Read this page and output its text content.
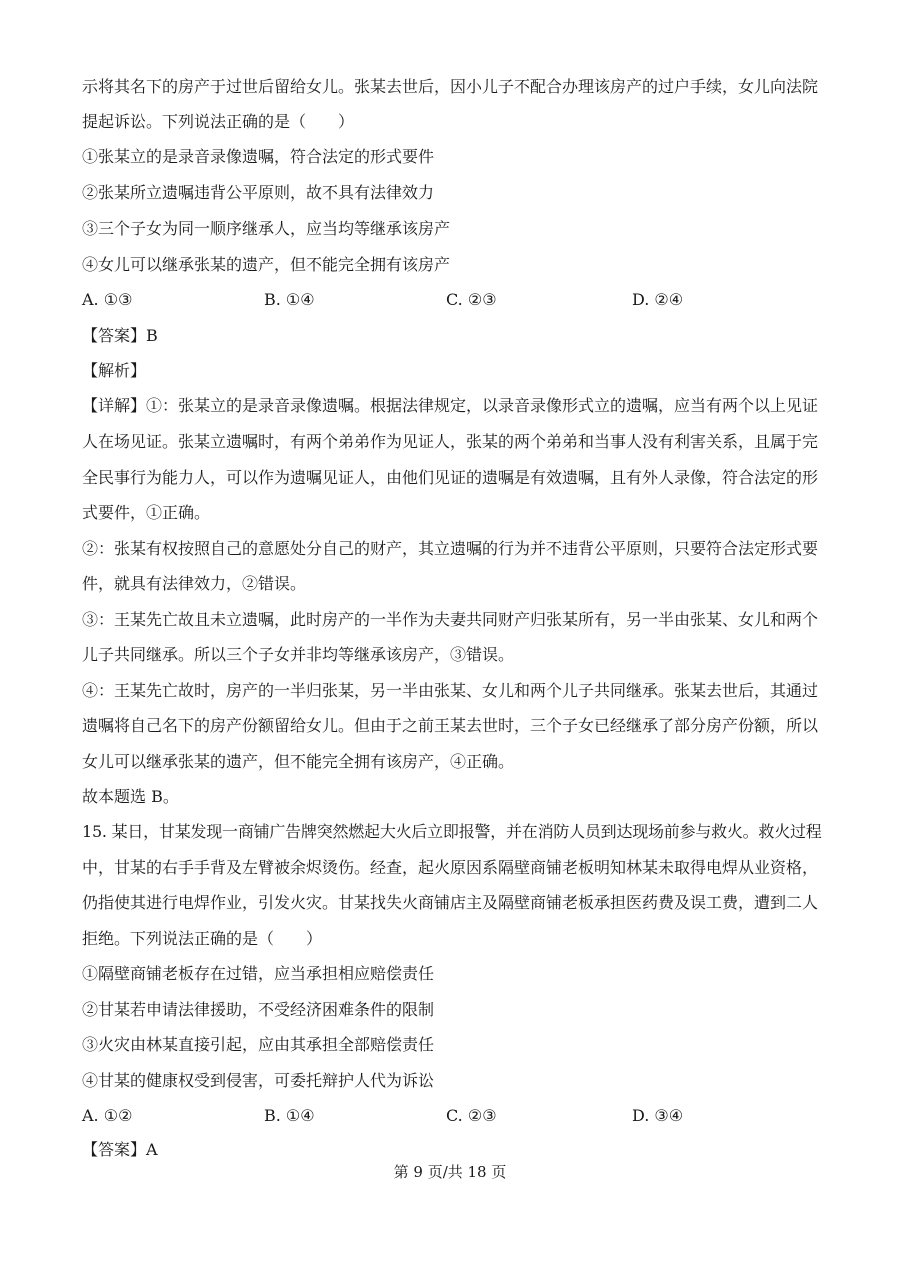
示将其名下的房产于过世后留给女儿。张某去世后，因小儿子不配合办理该房产的过户手续，女儿向法院
提起诉讼。下列说法正确的是（　　）
①张某立的是录音录像遗嘱，符合法定的形式要件
②张某所立遗嘱违背公平原则，故不具有法律效力
③三个子女为同一顺序继承人，应当均等继承该房产
④女儿可以继承张某的遗产，但不能完全拥有该房产
A. ①③	B. ①④	C. ②③	D. ②④
【答案】B
【解析】
【详解】①：张某立的是录音录像遗嘱。根据法律规定，以录音录像形式立的遗嘱，应当有两个以上见证
人在场见证。张某立遗嘱时，有两个弟弟作为见证人，张某的两个弟弟和当事人没有利害关系，且属于完
全民事行为能力人，可以作为遗嘱见证人，由他们见证的遗嘱是有效遗嘱，且有外人录像，符合法定的形
式要件，①正确。
②：张某有权按照自己的意愿处分自己的财产，其立遗嘱的行为并不违背公平原则，只要符合法定形式要
件，就具有法律效力，②错误。
③：王某先亡故且未立遗嘱，此时房产的一半作为夫妻共同财产归张某所有，另一半由张某、女儿和两个
儿子共同继承。所以三个子女并非均等继承该房产，③错误。
④：王某先亡故时，房产的一半归张某，另一半由张某、女儿和两个儿子共同继承。张某去世后，其通过
遗嘱将自己名下的房产份额留给女儿。但由于之前王某去世时，三个子女已经继承了部分房产份额，所以
女儿可以继承张某的遗产，但不能完全拥有该房产，④正确。
故本题选 B。
15. 某日，甘某发现一商铺广告牌突然燃起大火后立即报警，并在消防人员到达现场前参与救火。救火过程
中，甘某的右手手背及左臂被余烬烫伤。经查，起火原因系隔壁商铺老板明知林某未取得电焊从业资格，
仍指使其进行电焊作业，引发火灾。甘某找失火商铺店主及隔壁商铺老板承担医药费及误工费，遭到二人
拒绝。下列说法正确的是（　　）
①隔壁商铺老板存在过错，应当承担相应赔偿责任
②甘某若申请法律援助，不受经济困难条件的限制
③火灾由林某直接引起，应由其承担全部赔偿责任
④甘某的健康权受到侵害，可委托辩护人代为诉讼
A. ①②	B. ①④	C. ②③	D. ③④
【答案】A
第 9 页/共 18 页
